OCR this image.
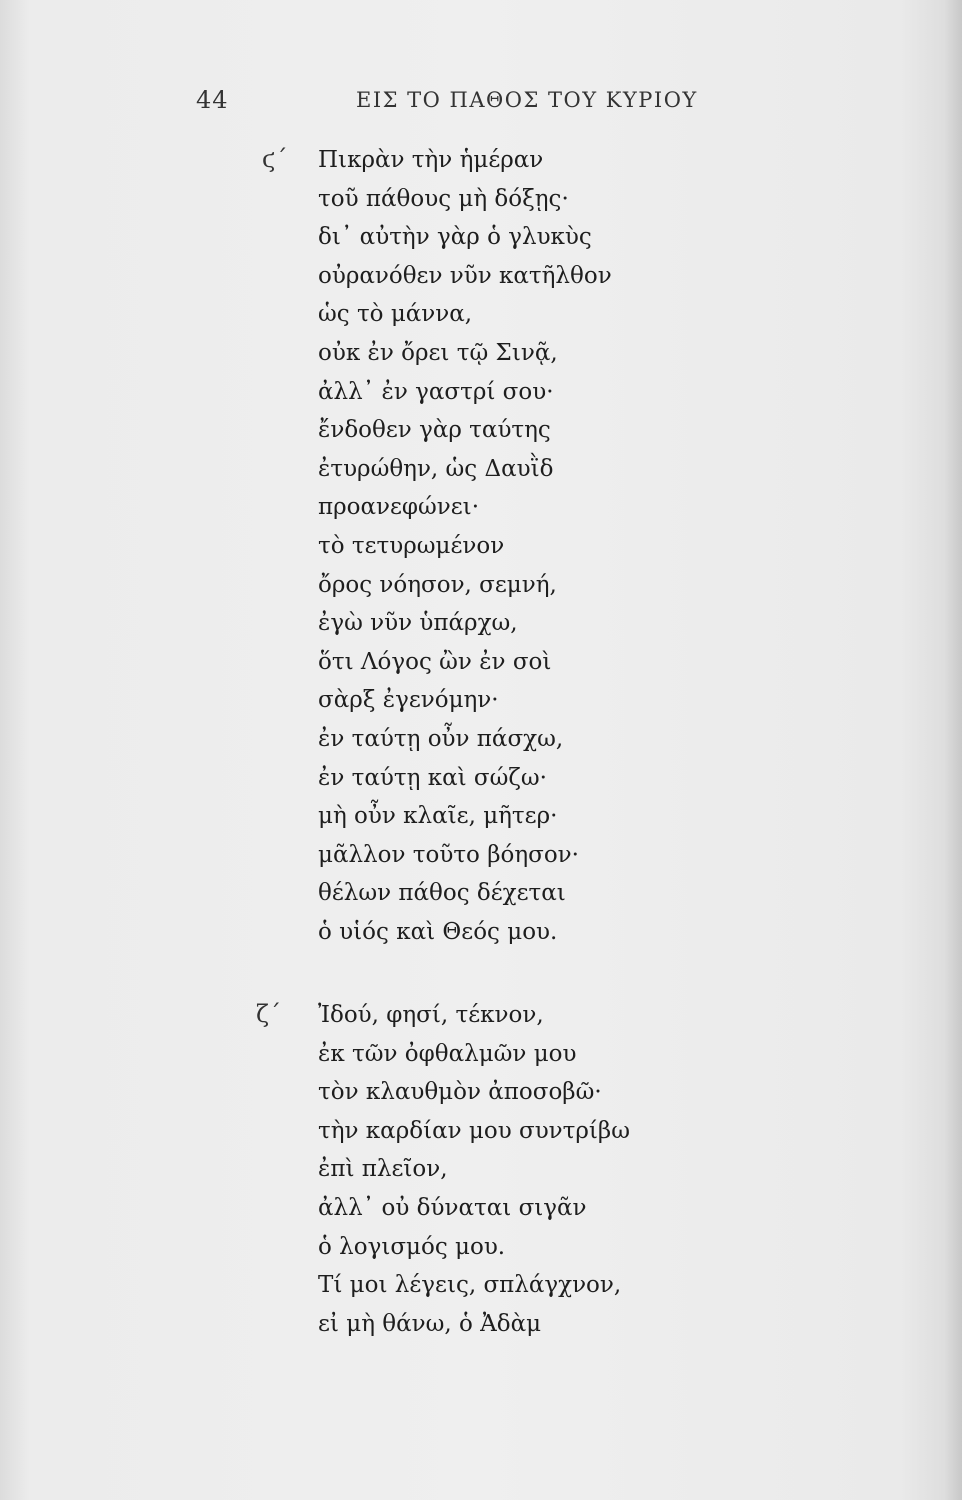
44	ΕΙΣ ΤΟ ΠΑΘΟΣ ΤΟΥ ΚΥΡΙΟΥ
ϛ΄ Πικρὰν τὴν ἡμέραν
τοῦ πάθους μὴ δόξῃς·
δι᾽ αὐτὴν γὰρ ὁ γλυκὺς
οὐρανόθεν νῦν κατῆλθον
ὡς τὸ μάννα,
οὐκ ἐν ὄρει τῷ Σινᾷ,
ἀλλ᾽ ἐν γαστρί σου·
ἔνδοθεν γὰρ ταύτης
ἐτυρώθην, ὡς Δαυῒδ
προανεφώνει·
τὸ τετυρωμένον
ὄρος νόησον, σεμνή,
ἐγὼ νῦν ὑπάρχω,
ὅτι Λόγος ὢν ἐν σοὶ
σὰρξ ἐγενόμην·
ἐν ταύτῃ οὖν πάσχω,
ἐν ταύτῃ καὶ σώζω·
μὴ οὖν κλαῖε, μῆτερ·
μᾶλλον τοῦτο βόησον·
θέλων πάθος δέχεται
ὁ υἱός καὶ Θεός μου.
ζ΄ Ἰδού, φησί, τέκνον,
ἐκ τῶν ὀφθαλμῶν μου
τὸν κλαυθμὸν ἀποσοβῶ·
τὴν καρδίαν μου συντρίβω
ἐπὶ πλεῖον,
ἀλλ᾽ οὐ δύναται σιγᾶν
ὁ λογισμός μου.
Τί μοι λέγεις, σπλάγχνον,
εἰ μὴ θάνω, ὁ Ἀδὰμ
